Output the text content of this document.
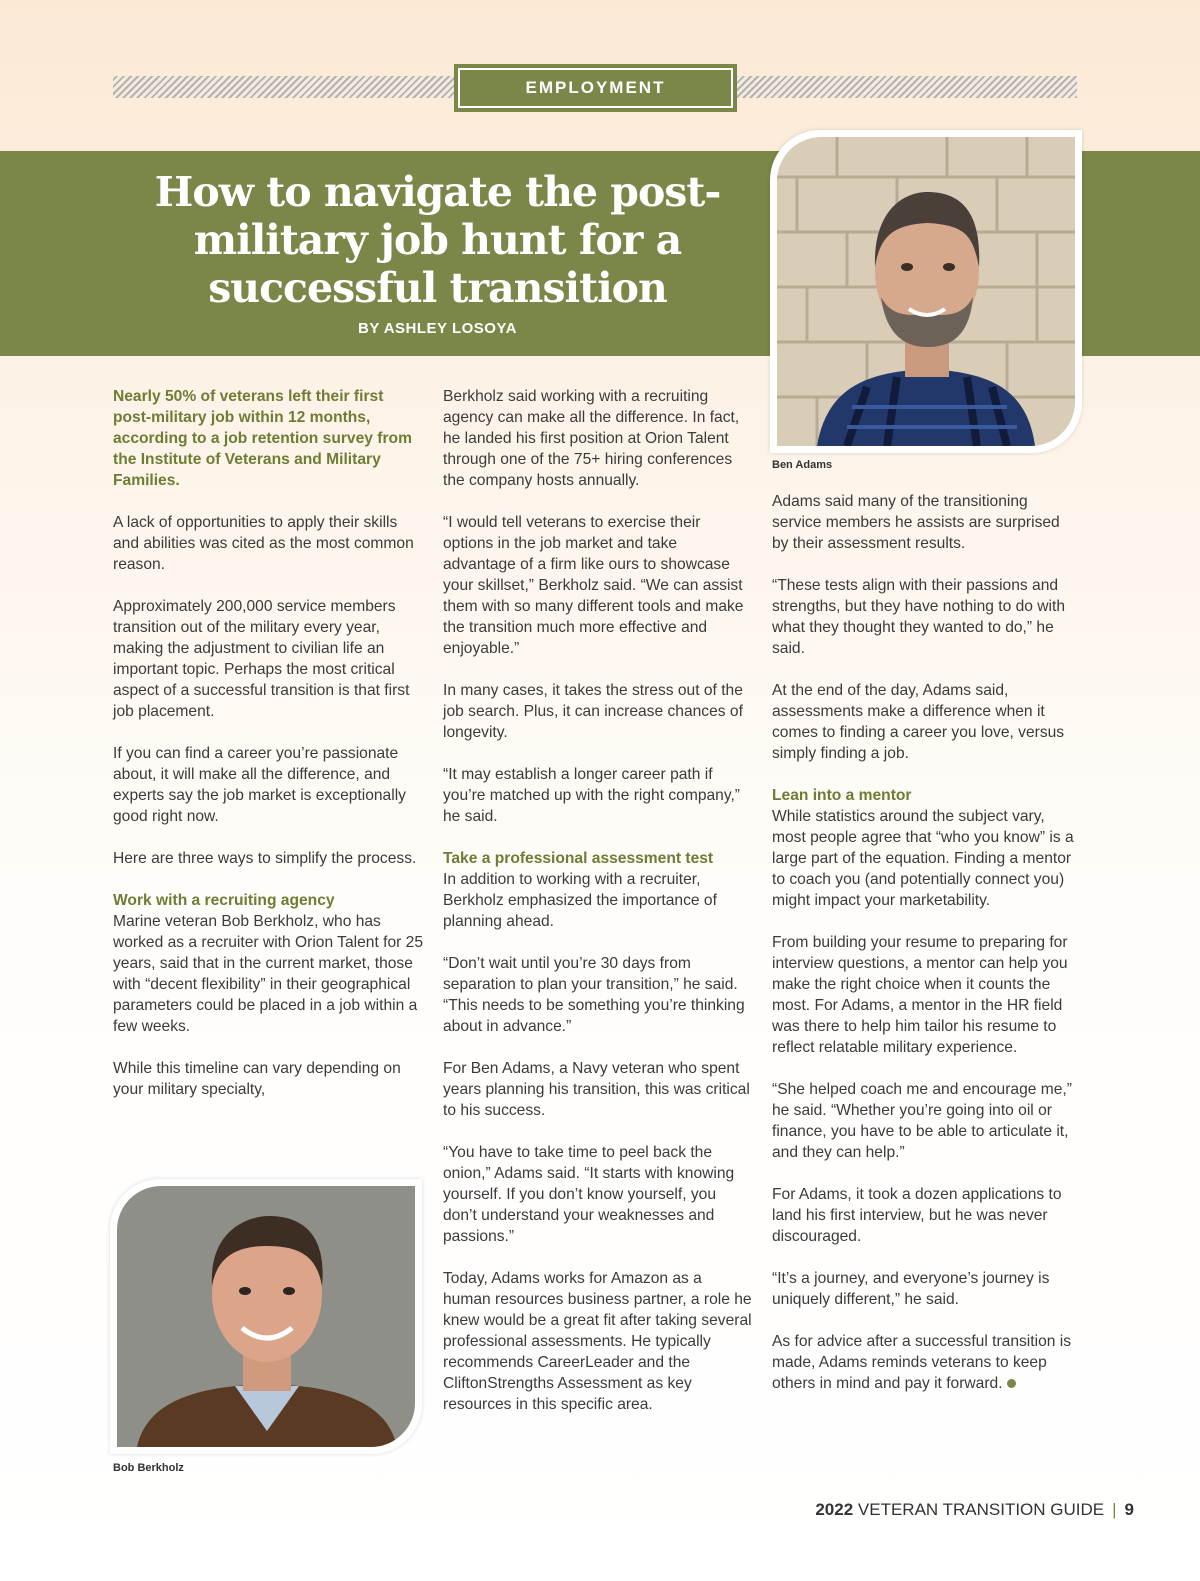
EMPLOYMENT
How to navigate the post-military job hunt for a successful transition
BY ASHLEY LOSOYA
Ben Adams
Bob Berkholz

Nearly 50% of veterans left their first post-military job within 12 months, according to a job retention survey from the Institute of Veterans and Military Families.

A lack of opportunities to apply their skills and abilities was cited as the most common reason.

Approximately 200,000 service members transition out of the military every year, making the adjustment to civilian life an important topic. Perhaps the most critical aspect of a successful transition is that first job placement.

If you can find a career you’re passionate about, it will make all the difference, and experts say the job market is exceptionally good right now.

Here are three ways to simplify the process.

Work with a recruiting agency
Marine veteran Bob Berkholz, who has worked as a recruiter with Orion Talent for 25 years, said that in the current market, those with “decent flexibility” in their geographical parameters could be placed in a job within a few weeks.

While this timeline can vary depending on your military specialty,

Berkholz said working with a recruiting agency can make all the difference. In fact, he landed his first position at Orion Talent through one of the 75+ hiring conferences the company hosts annually.

“I would tell veterans to exercise their options in the job market and take advantage of a firm like ours to showcase your skillset,” Berkholz said. “We can assist them with so many different tools and make the transition much more effective and enjoyable.”

In many cases, it takes the stress out of the job search. Plus, it can increase chances of longevity.

“It may establish a longer career path if you’re matched up with the right company,” he said.

Take a professional assessment test
In addition to working with a recruiter, Berkholz emphasized the importance of planning ahead.

“Don’t wait until you’re 30 days from separation to plan your transition,” he said. “This needs to be something you’re thinking about in advance.”

For Ben Adams, a Navy veteran who spent years planning his transition, this was critical to his success.

“You have to take time to peel back the onion,” Adams said. “It starts with knowing yourself. If you don’t know yourself, you don’t understand your weaknesses and passions.”

Today, Adams works for Amazon as a human resources business partner, a role he knew would be a great fit after taking several professional assessments. He typically recommends CareerLeader and the CliftonStrengths Assessment as key resources in this specific area.

Adams said many of the transitioning service members he assists are surprised by their assessment results.

“These tests align with their passions and strengths, but they have nothing to do with what they thought they wanted to do,” he said.

At the end of the day, Adams said, assessments make a difference when it comes to finding a career you love, versus simply finding a job.

Lean into a mentor
While statistics around the subject vary, most people agree that “who you know” is a large part of the equation. Finding a mentor to coach you (and potentially connect you) might impact your marketability.

From building your resume to preparing for interview questions, a mentor can help you make the right choice when it counts the most. For Adams, a mentor in the HR field was there to help him tailor his resume to reflect relatable military experience.

“She helped coach me and encourage me,” he said. “Whether you’re going into oil or finance, you have to be able to articulate it, and they can help.”

For Adams, it took a dozen applications to land his first interview, but he was never discouraged.

“It’s a journey, and everyone’s journey is uniquely different,” he said.

As for advice after a successful transition is made, Adams reminds veterans to keep others in mind and pay it forward.

2022 VETERAN TRANSITION GUIDE | 9
